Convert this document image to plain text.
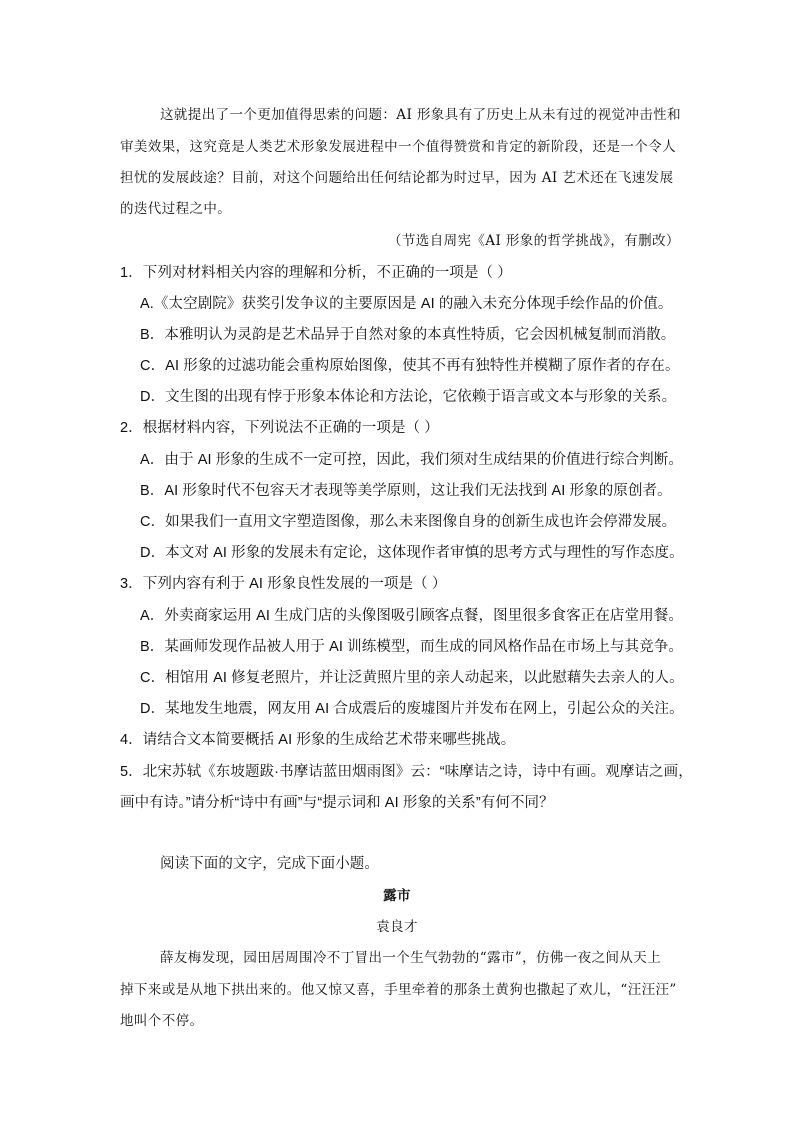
这就提出了一个更加值得思索的问题：AI 形象具有了历史上从未有过的视觉冲击性和
审美效果，这究竟是人类艺术形象发展进程中一个值得赞赏和肯定的新阶段，还是一个令人
担忧的发展歧途？目前，对这个问题给出任何结论都为时过早，因为 AI 艺术还在飞速发展
的迭代过程之中。
（节选自周宪《AI 形象的哲学挑战》，有删改）
1．下列对材料相关内容的理解和分析，不正确的一项是（ ）
A.《太空剧院》获奖引发争议的主要原因是 AI 的融入未充分体现手绘作品的价值。
B．本雅明认为灵韵是艺术品异于自然对象的本真性特质，它会因机械复制而消散。
C．AI 形象的过滤功能会重构原始图像，使其不再有独特性并模糊了原作者的存在。
D．文生图的出现有悖于形象本体论和方法论，它依赖于语言或文本与形象的关系。
2．根据材料内容，下列说法不正确的一项是（ ）
A．由于 AI 形象的生成不一定可控，因此，我们须对生成结果的价值进行综合判断。
B．AI 形象时代不包容天才表现等美学原则，这让我们无法找到 AI 形象的原创者。
C．如果我们一直用文字塑造图像，那么未来图像自身的创新生成也许会停滞发展。
D．本文对 AI 形象的发展未有定论，这体现作者审慎的思考方式与理性的写作态度。
3．下列内容有利于 AI 形象良性发展的一项是（ ）
A．外卖商家运用 AI 生成门店的头像图吸引顾客点餐，图里很多食客正在店堂用餐。
B．某画师发现作品被人用于 AI 训练模型，而生成的同风格作品在市场上与其竞争。
C．相馆用 AI 修复老照片，并让泛黄照片里的亲人动起来，以此慰藉失去亲人的人。
D．某地发生地震，网友用 AI 合成震后的废墟图片并发布在网上，引起公众的关注。
4．请结合文本简要概括 AI 形象的生成给艺术带来哪些挑战。
5．北宋苏轼《东坡题跋·书摩诘蓝田烟雨图》云：“味摩诘之诗，诗中有画。观摩诘之画，
画中有诗。”请分析“诗中有画”与“提示词和 AI 形象的关系”有何不同？
阅读下面的文字，完成下面小题。
露市
袁良才
薛友梅发现，园田居周围冷不丁冒出一个生气勃勃的“露市”，仿佛一夜之间从天上
掉下来或是从地下拱出来的。他又惊又喜，手里牵着的那条土黄狗也撒起了欢儿，“汪汪汪”
地叫个不停。
